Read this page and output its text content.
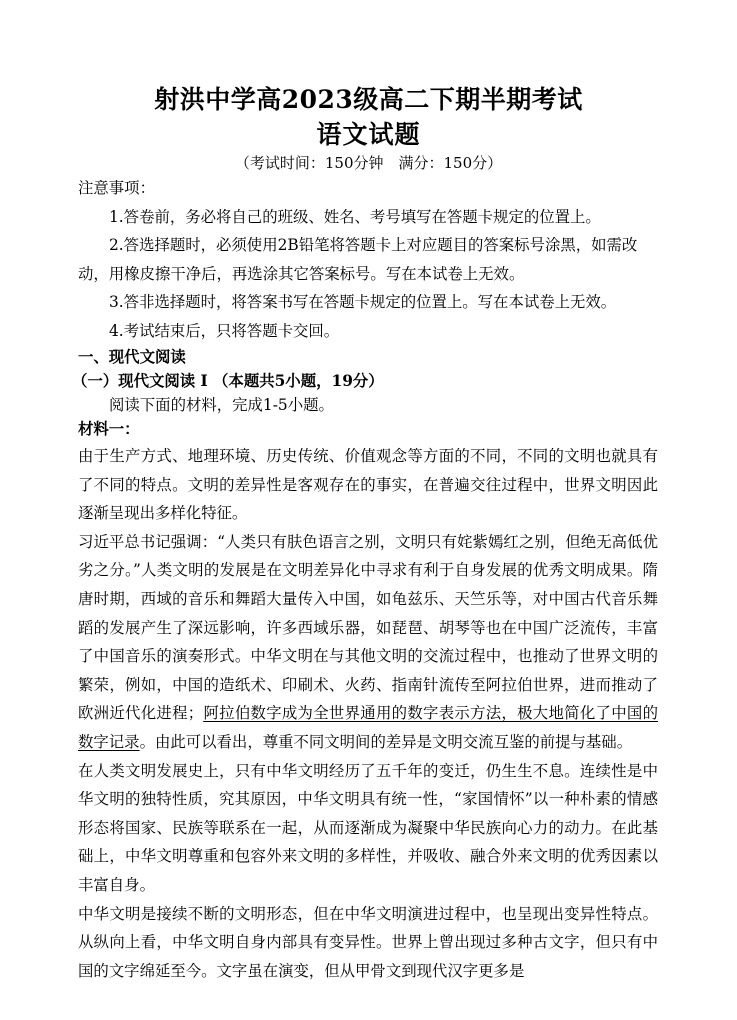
射洪中学高2023级高二下期半期考试
语文试题
（考试时间：150分钟　满分：150分）

注意事项：

1.答卷前，务必将自己的班级、姓名、考号填写在答题卡规定的位置上。

2.答选择题时，必须使用2B铅笔将答题卡上对应题目的答案标号涂黑，如需改动，用橡皮擦干净后，再选涂其它答案标号。写在本试卷上无效。

3.答非选择题时，将答案书写在答题卡规定的位置上。写在本试卷上无效。

4.考试结束后，只将答题卡交回。

一、现代文阅读

（一）现代文阅读 I （本题共5小题，19分）

阅读下面的材料，完成1-5小题。

材料一：

由于生产方式、地理环境、历史传统、价值观念等方面的不同，不同的文明也就具有了不同的特点。文明的差异性是客观存在的事实，在普遍交往过程中，世界文明因此逐渐呈现出多样化特征。

习近平总书记强调：“人类只有肤色语言之别，文明只有姹紫嫣红之别，但绝无高低优劣之分。”人类文明的发展是在文明差异化中寻求有利于自身发展的优秀文明成果。隋唐时期，西域的音乐和舞蹈大量传入中国，如龟兹乐、天竺乐等，对中国古代音乐舞蹈的发展产生了深远影响，许多西域乐器，如琵琶、胡琴等也在中国广泛流传，丰富了中国音乐的演奏形式。中华文明在与其他文明的交流过程中，也推动了世界文明的繁荣，例如，中国的造纸术、印刷术、火药、指南针流传至阿拉伯世界，进而推动了欧洲近代化进程；阿拉伯数字成为全世界通用的数字表示方法，极大地简化了中国的数字记录。由此可以看出，尊重不同文明间的差异是文明交流互鉴的前提与基础。

在人类文明发展史上，只有中华文明经历了五千年的变迁，仍生生不息。连续性是中华文明的独特性质，究其原因，中华文明具有统一性，“家国情怀”以一种朴素的情感形态将国家、民族等联系在一起，从而逐渐成为凝聚中华民族向心力的动力。在此基础上，中华文明尊重和包容外来文明的多样性，并吸收、融合外来文明的优秀因素以丰富自身。

中华文明是接续不断的文明形态，但在中华文明演进过程中，也呈现出变异性特点。从纵向上看，中华文明自身内部具有变异性。世界上曾出现过多种古文字，但只有中国的文字绵延至今。文字虽在演变，但从甲骨文到现代汉字更多是
